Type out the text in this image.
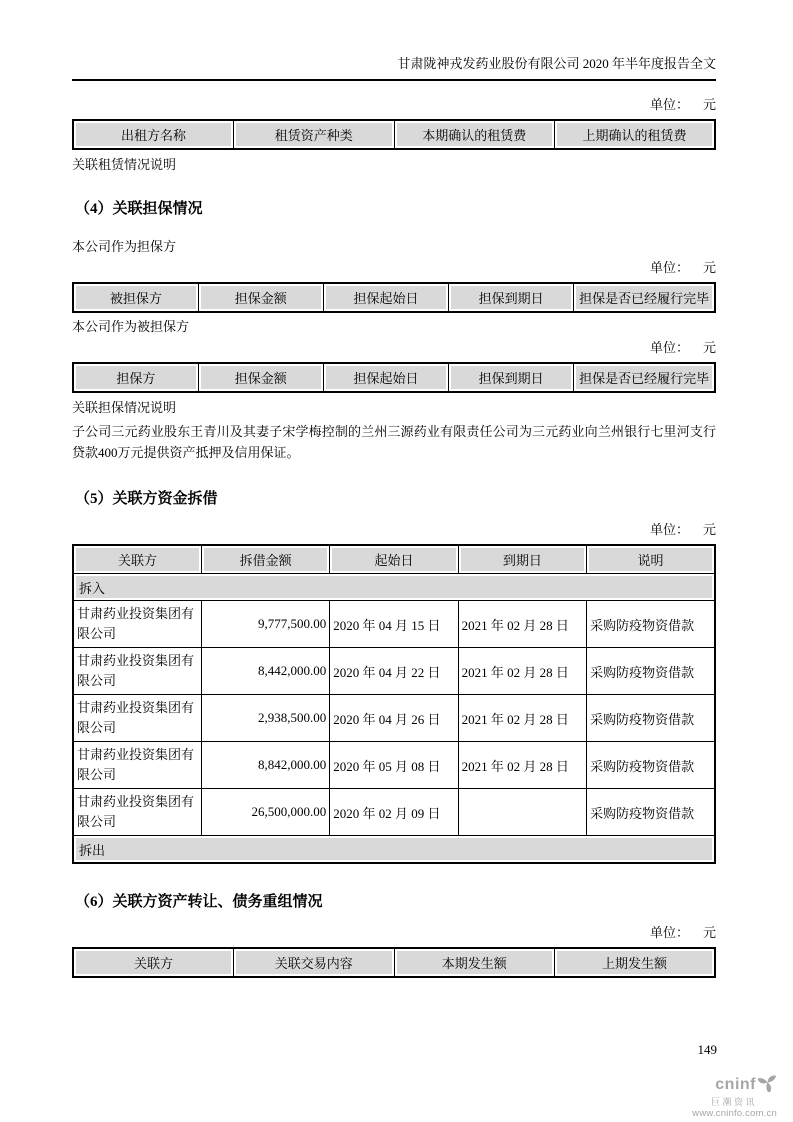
甘肃陇神戎发药业股份有限公司 2020 年半年度报告全文
单位： 元
出租方名称	租赁资产种类	本期确认的租赁费	上期确认的租赁费
关联租赁情况说明
（4）关联担保情况
本公司作为担保方
单位： 元
被担保方	担保金额	担保起始日	担保到期日	担保是否已经履行完毕
本公司作为被担保方
单位： 元
担保方	担保金额	担保起始日	担保到期日	担保是否已经履行完毕
关联担保情况说明
子公司三元药业股东王青川及其妻子宋学梅控制的兰州三源药业有限责任公司为三元药业向兰州银行七里河支行贷款400万元提供资产抵押及信用保证。
（5）关联方资金拆借
单位： 元
关联方	拆借金额	起始日	到期日	说明
拆入				
甘肃药业投资集团有限公司	9,777,500.00	2020 年 04 月 15 日	2021 年 02 月 28 日	采购防疫物资借款
甘肃药业投资集团有限公司	8,442,000.00	2020 年 04 月 22 日	2021 年 02 月 28 日	采购防疫物资借款
甘肃药业投资集团有限公司	2,938,500.00	2020 年 04 月 26 日	2021 年 02 月 28 日	采购防疫物资借款
甘肃药业投资集团有限公司	8,842,000.00	2020 年 05 月 08 日	2021 年 02 月 28 日	采购防疫物资借款
甘肃药业投资集团有限公司	26,500,000.00	2020 年 02 月 09 日		采购防疫物资借款
拆出				
（6）关联方资产转让、债务重组情况
单位： 元
关联方	关联交易内容	本期发生额	上期发生额
149
cninf
巨潮资讯
www.cninfo.com.cn
